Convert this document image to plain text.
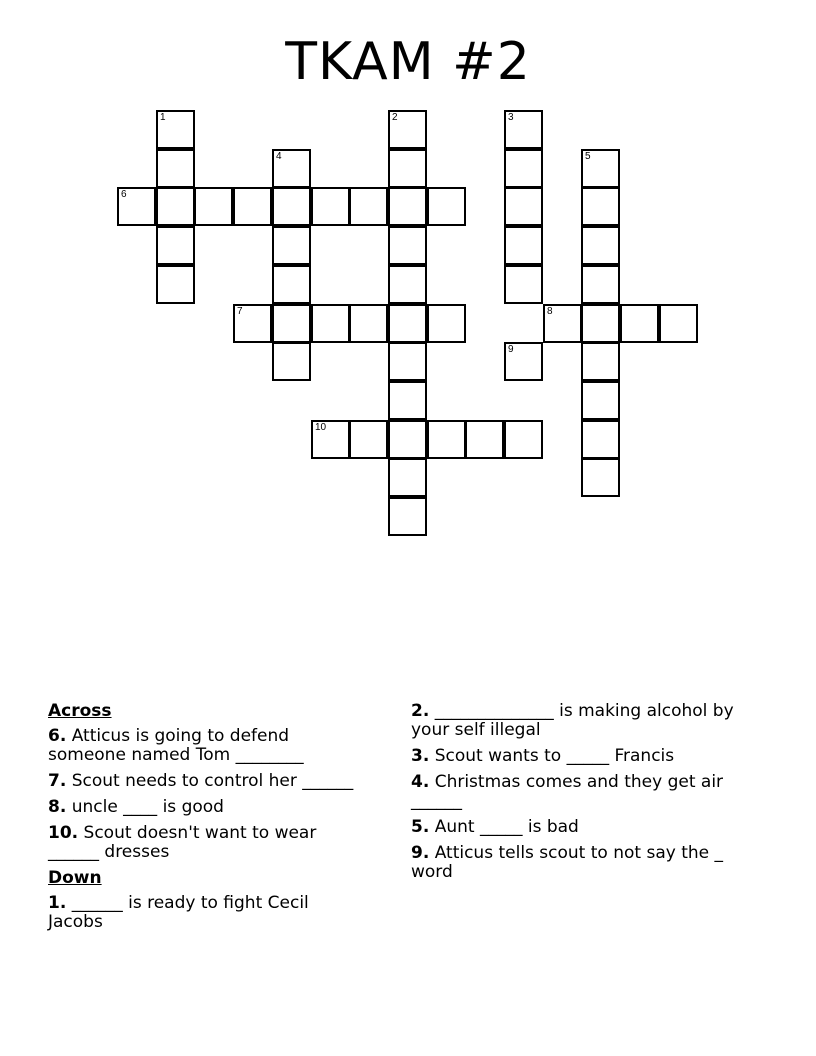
TKAM #2
1	2	3
4	5
6
7	8
9
10
Across
6. Atticus is going to defend someone named Tom ________
7. Scout needs to control her ______
8. uncle ____ is good
10. Scout doesn't want to wear ______ dresses
Down
1. ______ is ready to fight Cecil Jacobs
2. ______________ is making alcohol by your self illegal
3. Scout wants to _____ Francis
4. Christmas comes and they get air ______
5. Aunt _____ is bad
9. Atticus tells scout to not say the _ word
